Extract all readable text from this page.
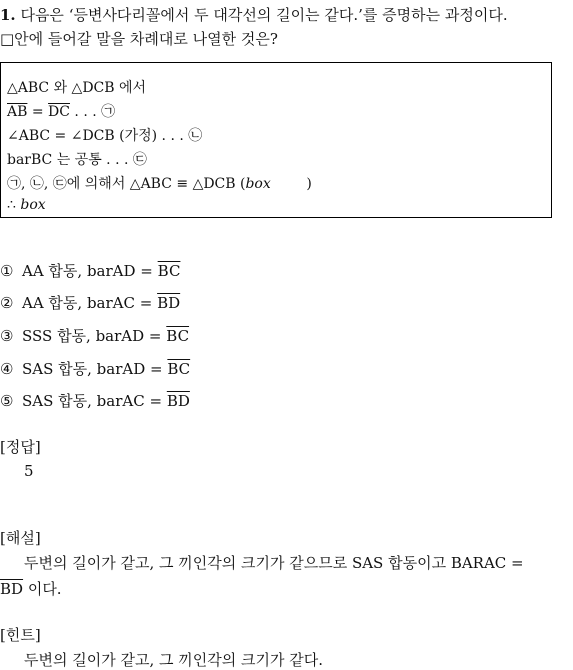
1. 다음은 ‘등변사다리꼴에서 두 대각선의 길이는 같다.’를 증명하는 과정이다.
□안에 들어갈 말을 차례대로 나열한 것은?
△ABC 와 △DCB 에서
$\overline{AB} = \overline{DC}$ . . . ㉠
∠ABC = ∠DCB (가정) . . . ㉡
barBC 는 공통 . . . ㉢
㉠, ㉡, ㉢에 의해서 △ABC ≡ △DCB (box        )
∴ box
① AA 합동, barAD = $\overline{BC}$
② AA 합동, barAC = $\overline{BD}$
③ SSS 합동, barAD = $\overline{BC}$
④ SAS 합동, barAD = $\overline{BC}$
⑤ SAS 합동, barAC = $\overline{BD}$
[정답]
5
[해설]
두변의 길이가 같고, 그 끼인각의 크기가 같으므로 SAS 합동이고 BARAC =
$\overline{BD}$ 이다.
[힌트]
두변의 길이가 같고, 그 끼인각의 크기가 같다.
